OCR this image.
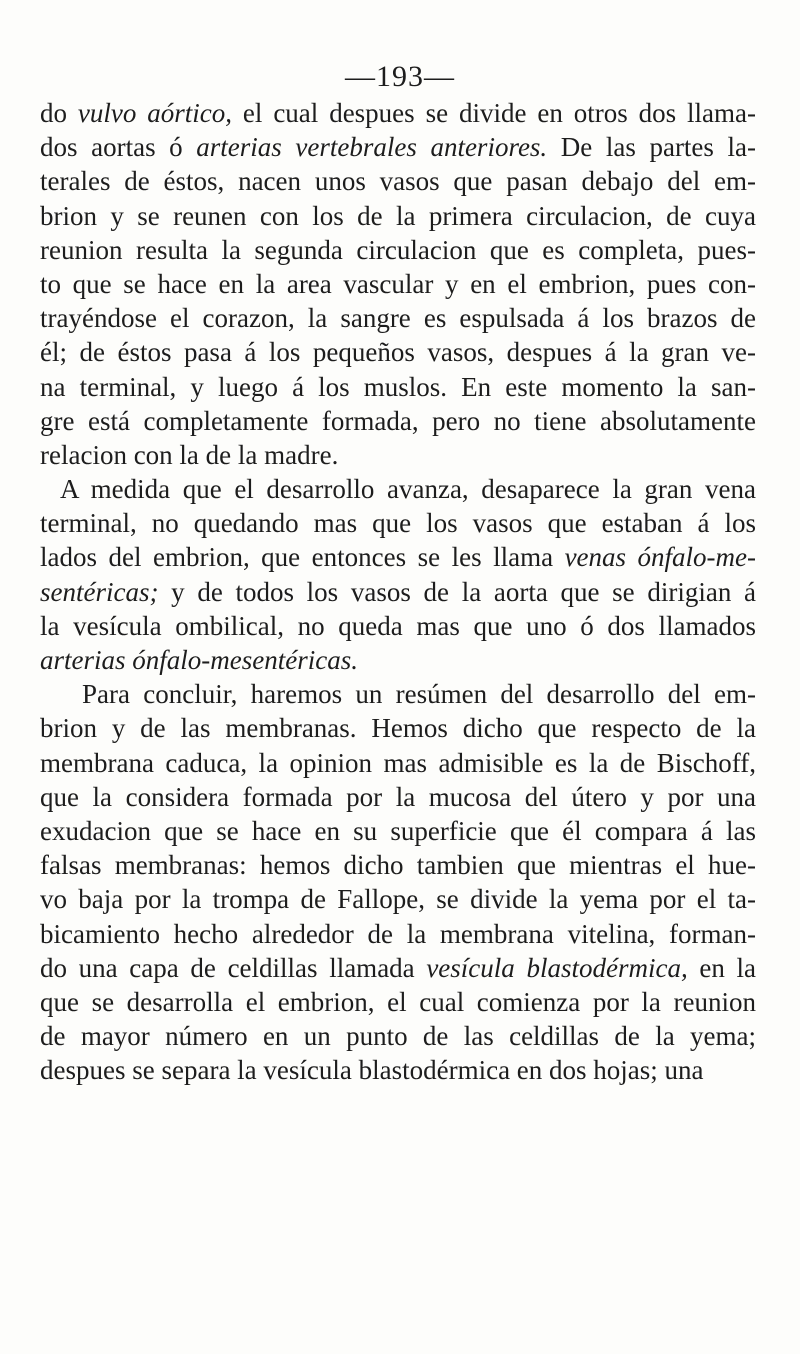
—193—
do vulvo aórtico, el cual despues se divide en otros dos llama-
dos aortas ó arterias vertebrales anteriores. De las partes la-
terales de éstos, nacen unos vasos que pasan debajo del em-
brion y se reunen con los de la primera circulacion, de cuya
reunion resulta la segunda circulacion que es completa, pues-
to que se hace en la area vascular y en el embrion, pues con-
trayéndose el corazon, la sangre es espulsada á los brazos de
él; de éstos pasa á los pequeños vasos, despues á la gran ve-
na terminal, y luego á los muslos. En este momento la san-
gre está completamente formada, pero no tiene absolutamente
relacion con la de la madre.
A medida que el desarrollo avanza, desaparece la gran vena
terminal, no quedando mas que los vasos que estaban á los
lados del embrion, que entonces se les llama venas ónfalo-me-
sentéricas; y de todos los vasos de la aorta que se dirigian á
la vesícula ombilical, no queda mas que uno ó dos llamados
arterias ónfalo-mesentéricas.
Para concluir, haremos un resúmen del desarrollo del em-
brion y de las membranas. Hemos dicho que respecto de la
membrana caduca, la opinion mas admisible es la de Bischoff,
que la considera formada por la mucosa del útero y por una
exudacion que se hace en su superficie que él compara á las
falsas membranas: hemos dicho tambien que mientras el hue-
vo baja por la trompa de Fallope, se divide la yema por el ta-
bicamiento hecho alrededor de la membrana vitelina, forman-
do una capa de celdillas llamada vesícula blastodérmica, en la
que se desarrolla el embrion, el cual comienza por la reunion
de mayor número en un punto de las celdillas de la yema;
despues se separa la vesícula blastodérmica en dos hojas; una
